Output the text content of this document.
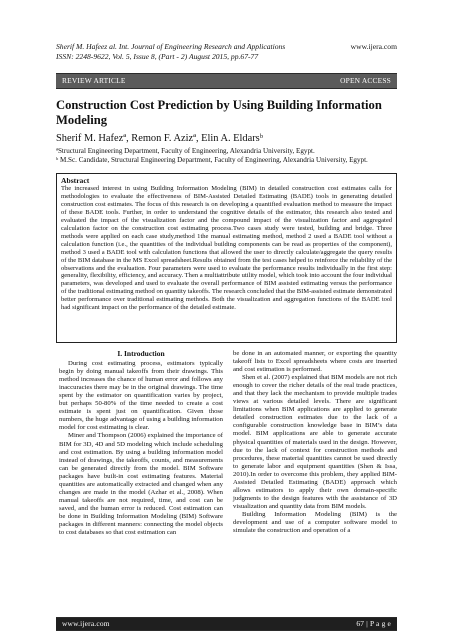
Sherif M. Hafeez al. Int. Journal of Engineering Research and Applications
ISSN: 2248-9622, Vol. 5, Issue 8, (Part - 2) August 2015, pp.67-77
www.ijera.com
REVIEW ARTICLE	OPEN ACCESS
Construction Cost Prediction by Using Building Information Modeling
Sherif M. Hafezª, Remon F. Azizª, Elin A. Eldarsᵇ
ªStructural Engineering Department, Faculty of Engineering, Alexandria University, Egypt.
ᵇ M.Sc. Candidate, Structural Engineering Department, Faculty of Engineering, Alexandria University, Egypt.
Abstract

The increased interest in using Building Information Modeling (BIM) in detailed construction cost estimates calls for methodologies to evaluate the effectiveness of BIM-Assisted Detailed Estimating (BADE) tools in generating detailed construction cost estimates. The focus of this research is on developing a quantified evaluation method to measure the impact of these BADE tools. Further, in order to understand the cognitive details of the estimator, this research also tested and evaluated the impact of the visualization factor and the compound impact of the visualization factor and aggregated calculation factor on the construction cost estimating process.Two cases study were tested, building and bridge. Three methods were applied on each case study,method 1the manual estimating method, method 2 used a BADE tool without a calculation function (i.e., the quantities of the individual building components can be read as properties of the component), method 3 used a BADE tool with calculation functions that allowed the user to directly calculate/aggregate the query results of the BIM database in the MS Excel spreadsheet.Results obtained from the test cases helped to reinforce the reliability of the observations and the evaluation. Four parameters were used to evaluate the performance results individually in the first step: generality, flexibility, efficiency, and accuracy. Then a multiattribute utility model, which took into account the four individual parameters, was developed and used to evaluate the overall performance of BIM assisted estimating versus the performance of the traditional estimating method on quantity takeoffs. The research concluded that the BIM-assisted estimate demonstrated better performance over traditional estimating methods. Both the visualization and aggregation functions of the BADE tool had significant impact on the performance of the detailed estimate.

I. Introduction

During cost estimating process, estimators typically begin by doing manual takeoffs from their drawings. This method increases the chance of human error and follows any inaccuracies there may be in the original drawings. The time spent by the estimator on quantification varies by project, but perhaps 50-80% of the time needed to create a cost estimate is spent just on quantification. Given those numbers, the huge advantage of using a building information model for cost estimating is clear.

Miner and Thompson (2006) explained the importance of BIM for 3D, 4D and 5D modeling which include scheduling and cost estimation. By using a building information model instead of drawings, the takeoffs, counts, and measurements can be generated directly from the model. BIM Software packages have built-in cost estimating features. Material quantities are automatically extracted and changed when any changes are made in the model (Azhar et al., 2008). When manual takeoffs are not required, time, and cost can be saved, and the human error is reduced. Cost estimation can be done in Building Information Modeling (BIM) Software packages in different manners: connecting the model objects to cost databases so that cost estimation can

be done in an automated manner, or exporting the quantity takeoff lists to Excel spreadsheets where costs are inserted and cost estimation is performed.

Shen et al. (2007) explained that BIM models are not rich enough to cover the richer details of the real trade practices, and that they lack the mechanism to provide multiple trades views at various detailed levels. There are significant limitations when BIM applications are applied to generate detailed construction estimates due to the lack of a configurable construction knowledge base in BIM’s data model. BIM applications are able to generate accurate physical quantities of materials used in the design. However, due to the lack of context for construction methods and procedures, these material quantities cannot be used directly to generate labor and equipment quantities (Shen & Issa, 2010).In order to overcome this problem, they applied BIM-Assisted Detailed Estimating (BADE) approach which allows estimators to apply their own domain-specific judgments to the design features with the assistance of 3D visualization and quantity data from BIM models.

Building Information Modeling (BIM) is the development and use of a computer software model to simulate the construction and operation of a

www.ijera.com	67 | P a g e
